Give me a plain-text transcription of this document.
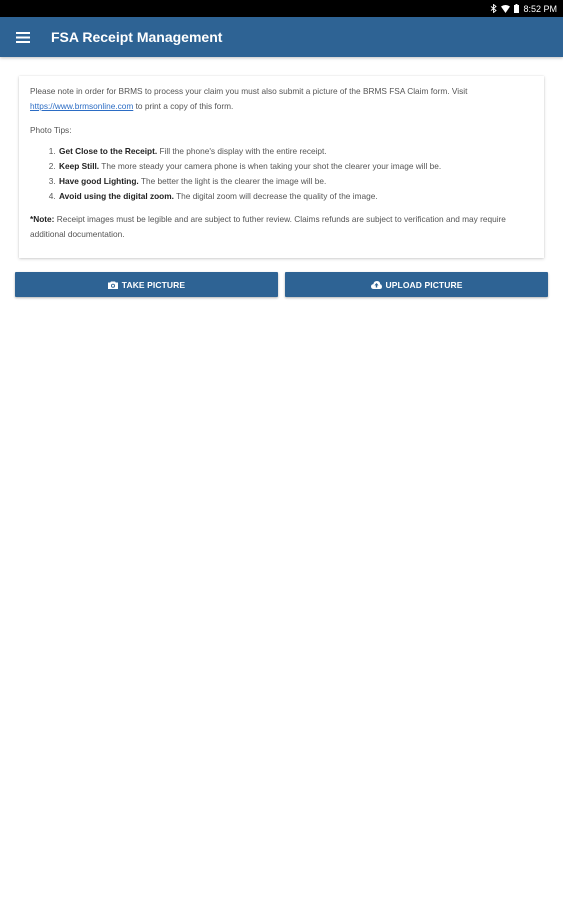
8:52 PM
FSA Receipt Management

Please note in order for BRMS to process your claim you must also submit a picture of the BRMS FSA Claim form. Visit https://www.brmsonline.com to print a copy of this form.

Photo Tips:

1. Get Close to the Receipt. Fill the phone's display with the entire receipt.
2. Keep Still. The more steady your camera phone is when taking your shot the clearer your image will be.
3. Have good Lighting. The better the light is the clearer the image will be.
4. Avoid using the digital zoom. The digital zoom will decrease the quality of the image.

*Note: Receipt images must be legible and are subject to futher review. Claims refunds are subject to verification and may require additional documentation.

TAKE PICTURE	UPLOAD PICTURE
